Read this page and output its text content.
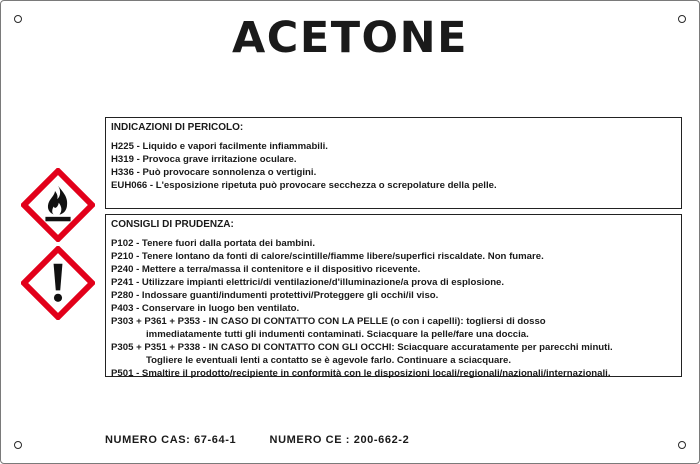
ACETONE
INDICAZIONI DI PERICOLO:
H225 - Liquido e vapori facilmente infiammabili.
H319 - Provoca grave irritazione oculare.
H336 - Può provocare sonnolenza o vertigini.
EUH066 - L'esposizione ripetuta può provocare secchezza o screpolature della pelle.
CONSIGLI DI PRUDENZA:
P102 - Tenere fuori dalla portata dei bambini.
P210 - Tenere lontano da fonti di calore/scintille/fiamme libere/superfici riscaldate. Non fumare.
P240 - Mettere a terra/massa il contenitore e il dispositivo ricevente.
P241 - Utilizzare impianti elettrici/di ventilazione/d'illuminazione/a prova di esplosione.
P280 - Indossare guanti/indumenti protettivi/Proteggere gli occhi/il viso.
P403 - Conservare in luogo ben ventilato.
P303 + P361 + P353 - IN CASO DI CONTATTO CON LA PELLE (o con i capelli): togliersi di dosso
immediatamente tutti gli indumenti contaminati. Sciacquare la pelle/fare una doccia.
P305 + P351 + P338 - IN CASO DI CONTATTO CON GLI OCCHI: Sciacquare accuratamente per parecchi minuti.
Togliere le eventuali lenti a contatto se è agevole farlo. Continuare a sciacquare.
P501 - Smaltire il prodotto/recipiente in conformità con le disposizioni locali/regionali/nazionali/internazionali.
NUMERO CAS: 67-64-1	NUMERO CE : 200-662-2
